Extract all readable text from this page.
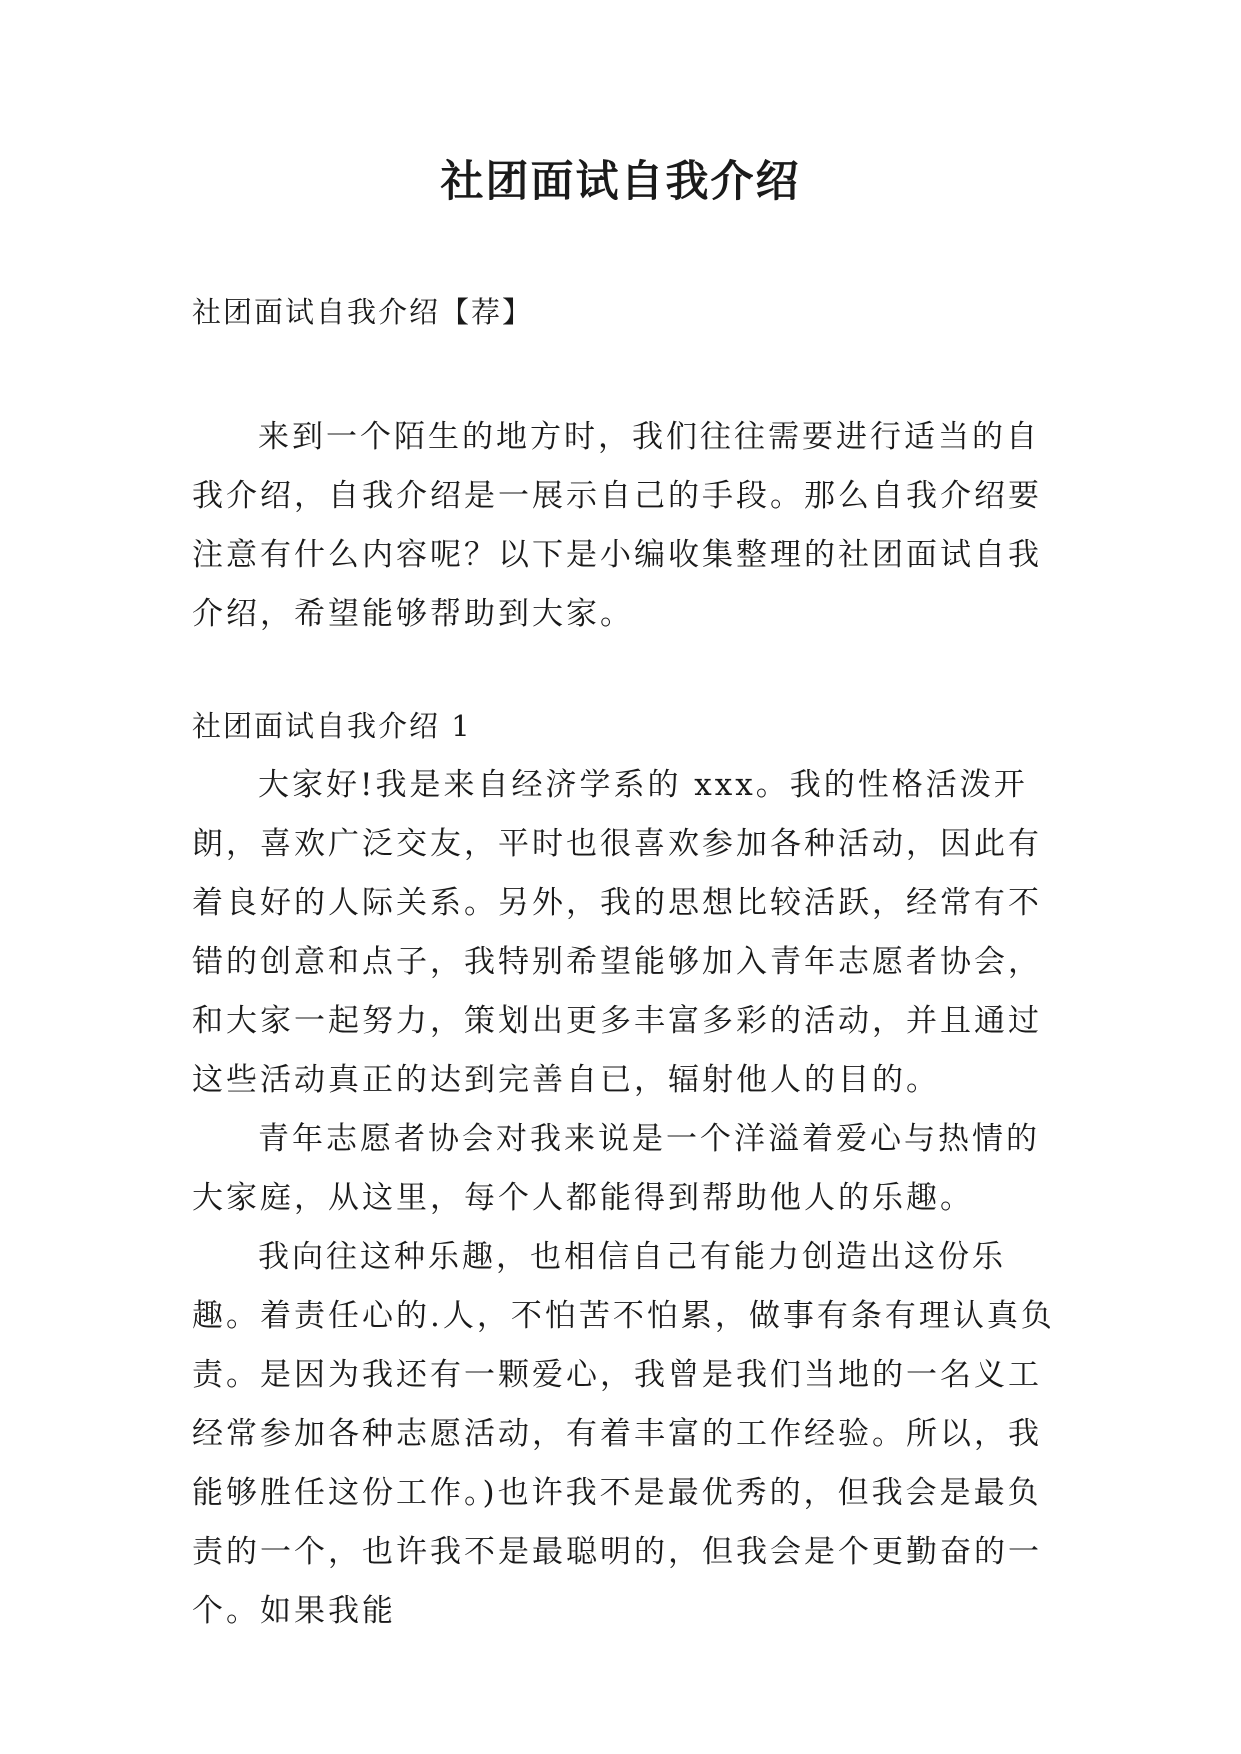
社团面试自我介绍

社团面试自我介绍【荐】

来到一个陌生的地方时，我们往往需要进行适当的自我介绍，自我介绍是一展示自己的手段。那么自我介绍要注意有什么内容呢？以下是小编收集整理的社团面试自我介绍，希望能够帮助到大家。

社团面试自我介绍 1

大家好!我是来自经济学系的 xxx。我的性格活泼开朗，喜欢广泛交友，平时也很喜欢参加各种活动，因此有着良好的人际关系。另外，我的思想比较活跃，经常有不错的创意和点子，我特别希望能够加入青年志愿者协会，和大家一起努力，策划出更多丰富多彩的活动，并且通过这些活动真正的达到完善自已，辐射他人的目的。

青年志愿者协会对我来说是一个洋溢着爱心与热情的大家庭，从这里，每个人都能得到帮助他人的乐趣。

我向往这种乐趣，也相信自己有能力创造出这份乐趣。着责任心的.人，不怕苦不怕累，做事有条有理认真负责。是因为我还有一颗爱心，我曾是我们当地的一名义工经常参加各种志愿活动，有着丰富的工作经验。所以，我能够胜任这份工作。)也许我不是最优秀的，但我会是最负责的一个，也许我不是最聪明的，但我会是个更勤奋的一个。如果我能
